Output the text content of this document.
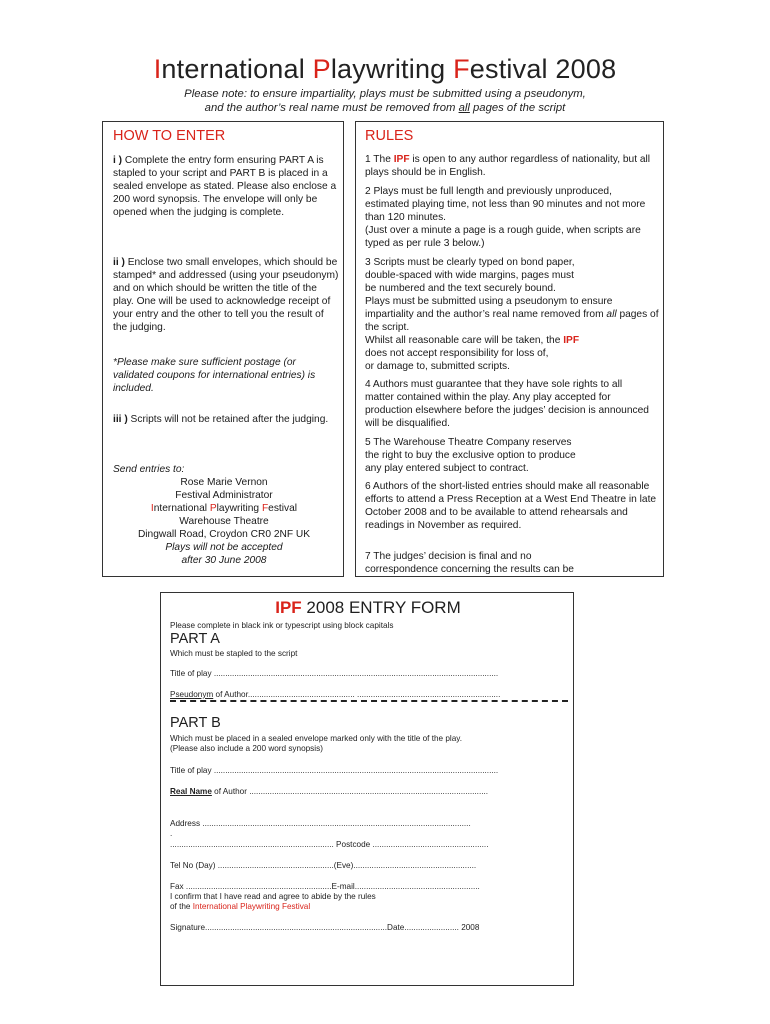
International Playwriting Festival 2008
Please note: to ensure impartiality, plays must be submitted using a pseudonym,
and the author’s real name must be removed from all pages of the script
HOW TO ENTER
i ) Complete the entry form ensuring PART A is stapled to your script and PART B is placed in a sealed envelope as stated. Please also enclose a 200 word synopsis. The envelope will only be opened when the judging is complete.
ii ) Enclose two small envelopes, which should be stamped* and addressed (using your pseudonym) and on which should be written the title of the play. One will be used to acknowledge receipt of your entry and the other to tell you the result of the judging.
*Please make sure sufficient postage (or validated coupons for international entries) is included.
iii ) Scripts will not be retained after the judging.
Send entries to:
Rose Marie Vernon
Festival Administrator
International Playwriting Festival
Warehouse Theatre
Dingwall Road, Croydon CR0 2NF UK
Plays will not be accepted
after 30 June 2008
RULES
1 The IPF is open to any author regardless of nationality, but all plays should be in English.
2 Plays must be full length and previously unproduced, estimated playing time, not less than 90 minutes and not more than 120 minutes.
(Just over a minute a page is a rough guide, when scripts are typed as per rule 3 below.)
3 Scripts must be clearly typed on bond paper,
double-spaced with wide margins, pages must
be numbered and the text securely bound.
Plays must be submitted using a pseudonym to ensure impartiality and the author’s real name removed from all pages of the script.
Whilst all reasonable care will be taken, the IPF
does not accept responsibility for loss of,
or damage to, submitted scripts.
4 Authors must guarantee that they have sole rights to all matter contained within the play. Any play accepted for production elsewhere before the judges’ decision is announced will be disqualified.
5 The Warehouse Theatre Company reserves
the right to buy the exclusive option to produce
any play entered subject to contract.
6 Authors of the short-listed entries should make all reasonable efforts to attend a Press Reception at a West End Theatre in late October 2008 and to be available to attend rehearsals and readings in November as required.
7 The judges’ decision is final and no
correspondence concerning the results can be
IPF 2008 ENTRY FORM
Please complete in black ink or typescript using block capitals
PART A
Which must be stapled to the script
Title of play .............................................................................................................................
Pseudonym of Author............................................... ...............................................................
PART B
Which must be placed in a sealed envelope marked only with the title of the play.
(Please also include a 200 word synopsis)
Title of play .............................................................................................................................
Real Name of Author .........................................................................................................
Address ......................................................................................................................
.
........................................................................ Postcode ...................................................
Tel No (Day) ...................................................(Eve)......................................................
Fax ................................................................E-mail.......................................................
I confirm that I have read and agree to abide by the rules
of the International Playwriting Festival
Signature................................................................................Date........................ 2008
